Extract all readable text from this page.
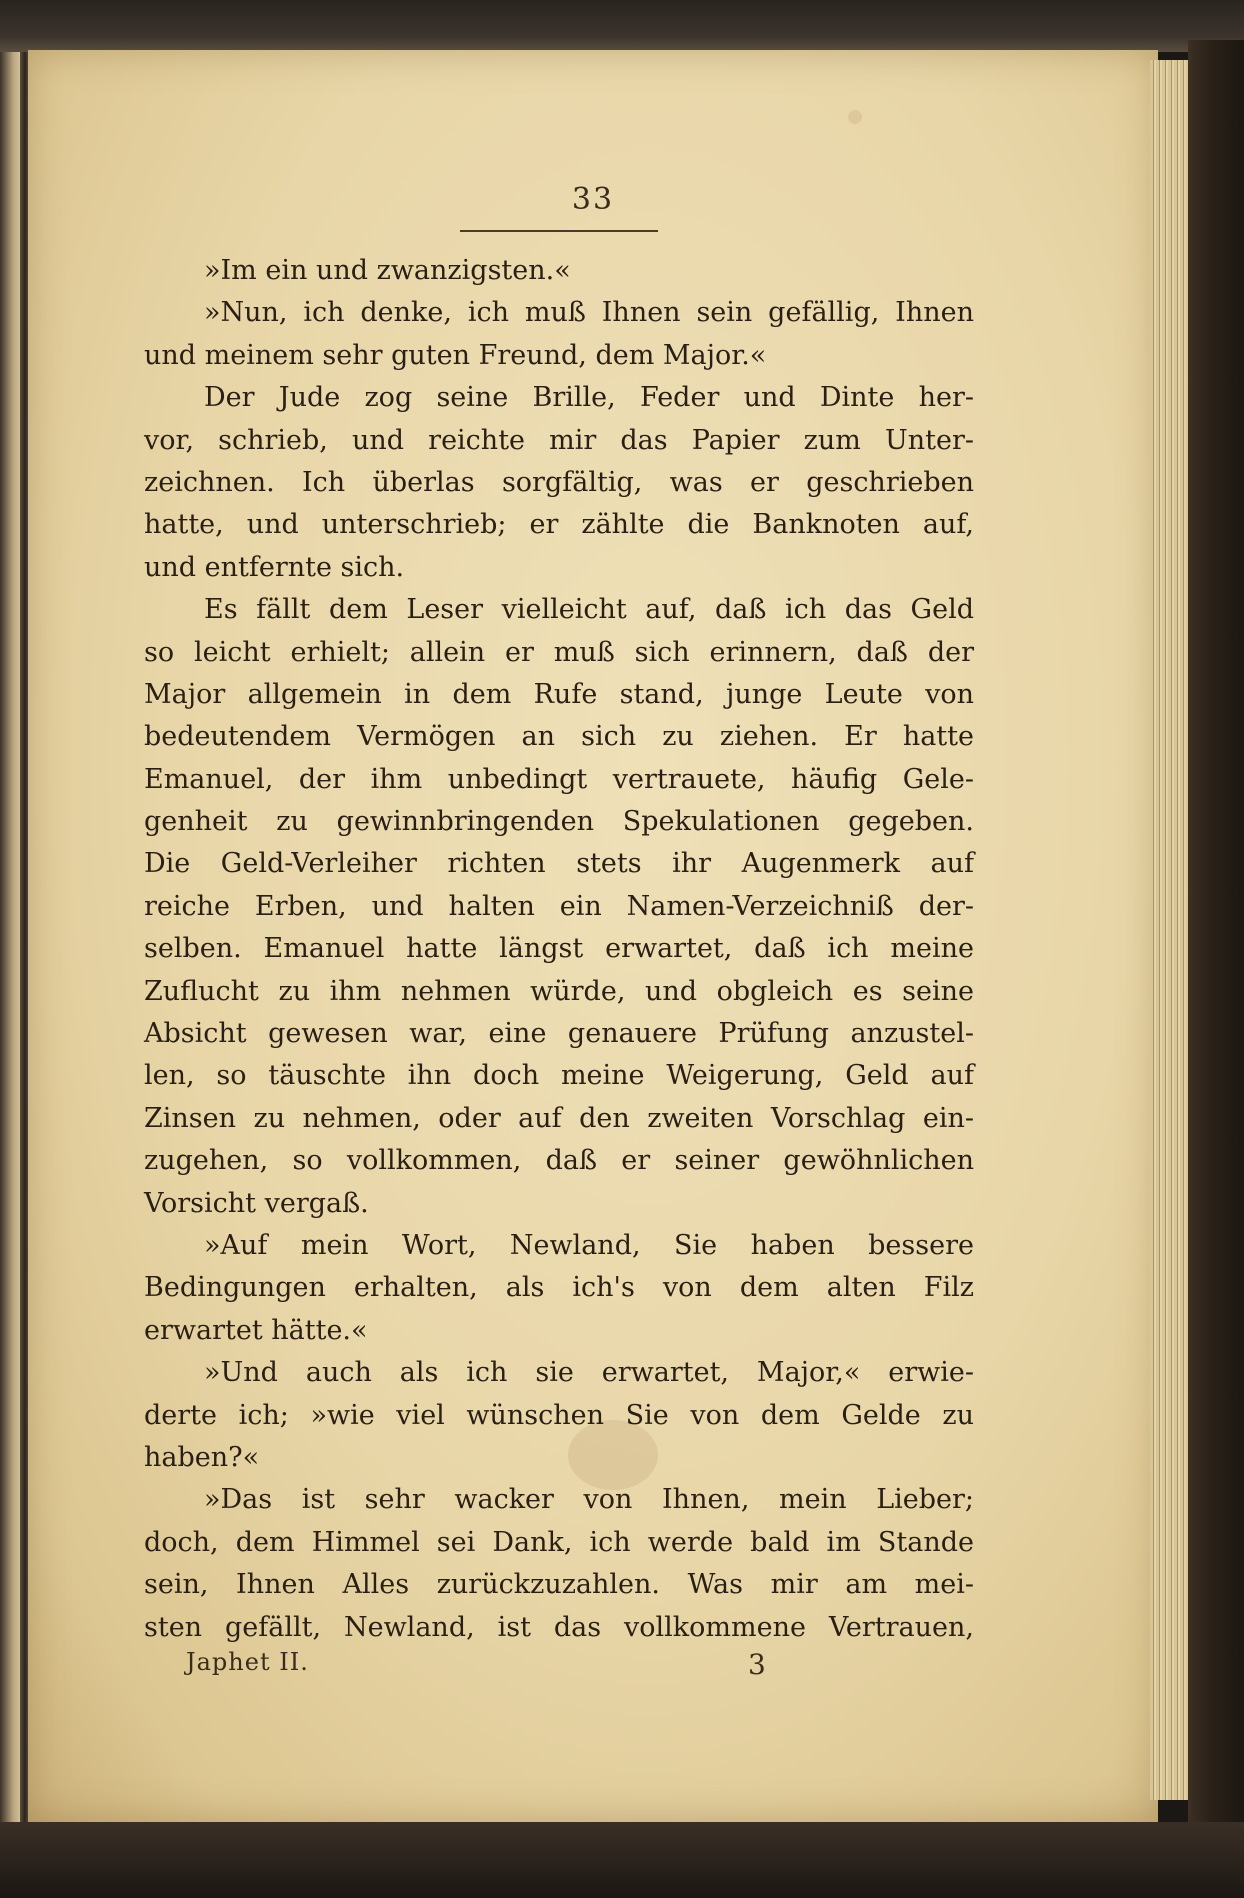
33
»Im ein und zwanzigsten.«
»Nun, ich denke, ich muß Ihnen sein gefällig, Ihnen
und meinem sehr guten Freund, dem Major.«
Der Jude zog seine Brille, Feder und Dinte her-
vor, schrieb, und reichte mir das Papier zum Unter-
zeichnen. Ich überlas sorgfältig, was er geschrieben
hatte, und unterschrieb; er zählte die Banknoten auf,
und entfernte sich.
Es fällt dem Leser vielleicht auf, daß ich das Geld
so leicht erhielt; allein er muß sich erinnern, daß der
Major allgemein in dem Rufe stand, junge Leute von
bedeutendem Vermögen an sich zu ziehen. Er hatte
Emanuel, der ihm unbedingt vertrauete, häufig Gele-
genheit zu gewinnbringenden Spekulationen gegeben.
Die Geld-Verleiher richten stets ihr Augenmerk auf
reiche Erben, und halten ein Namen-Verzeichniß der-
selben. Emanuel hatte längst erwartet, daß ich meine
Zuflucht zu ihm nehmen würde, und obgleich es seine
Absicht gewesen war, eine genauere Prüfung anzustel-
len, so täuschte ihn doch meine Weigerung, Geld auf
Zinsen zu nehmen, oder auf den zweiten Vorschlag ein-
zugehen, so vollkommen, daß er seiner gewöhnlichen
Vorsicht vergaß.
»Auf mein Wort, Newland, Sie haben bessere
Bedingungen erhalten, als ich's von dem alten Filz
erwartet hätte.«
»Und auch als ich sie erwartet, Major,« erwie-
derte ich; »wie viel wünschen Sie von dem Gelde zu
haben?«
»Das ist sehr wacker von Ihnen, mein Lieber;
doch, dem Himmel sei Dank, ich werde bald im Stande
sein, Ihnen Alles zurückzuzahlen. Was mir am mei-
sten gefällt, Newland, ist das vollkommene Vertrauen,
Japhet II.	3
